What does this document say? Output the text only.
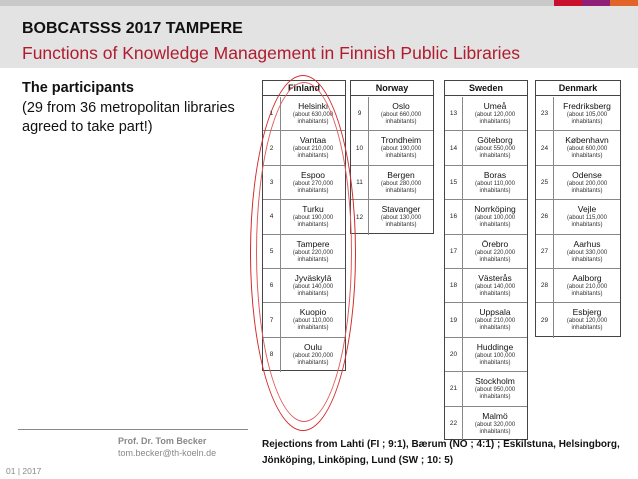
BOBCATSSS 2017 TAMPERE
Functions of Knowledge Management in Finnish Public Libraries
The participants
(29 from 36 metropolitan libraries agreed to take part!)
Finland
1
Helsinki
(about 630,000 inhabitants)
2
Vantaa
(about 210,000 inhabitants)
3
Espoo
(about 270,000 inhabitants)
4
Turku
(about 190,000 inhabitants)
5
Tampere
(about 220,000 inhabitants)
6
Jyväskylä
(about 140,000 inhabitants)
7
Kuopio
(about 110,000 inhabitants)
8
Oulu
(about 200,000 inhabitants)
Norway
9
Oslo
(about 660,000 inhabitants)
10
Trondheim
(about 190,000 inhabitants)
11
Bergen
(about 280,000 inhabitants)
12
Stavanger
(about 130,000 inhabitants)
Sweden
13
Umeå
(about 120,000 inhabitants)
14
Göteborg
(about 550,000 inhabitants)
15
Boras
(about 110,000 inhabitants)
16
Norrköping
(about 100,000 inhabitants)
17
Örebro
(about 220,000 inhabitants)
18
Västerås
(about 140,000 inhabitants)
19
Uppsala
(about 210,000 inhabitants)
20
Huddinge
(about 100,000 inhabitants)
21
Stockholm
(about 950,000 inhabitants)
22
Malmö
(about 320,000 inhabitants)
Denmark
23
Fredriksberg
(about 105,000 inhabitants)
24
København
(about 600,000 inhabitants)
25
Odense
(about 200,000 inhabitants)
26
Vejle
(about 115,000 inhabitants)
27
Aarhus
(about 330,000 inhabitants)
28
Aalborg
(about 210,000 inhabitants)
29
Esbjerg
(about 120,000 inhabitants)
Prof. Dr. Tom Becker
tom.becker@th-koeln.de
01 | 2017
Rejections from Lahti (FI ; 9:1), Bærum (NO ; 4:1) ; Eskilstuna, Helsingborg, Jönköping, Linköping, Lund (SW ; 10: 5)
